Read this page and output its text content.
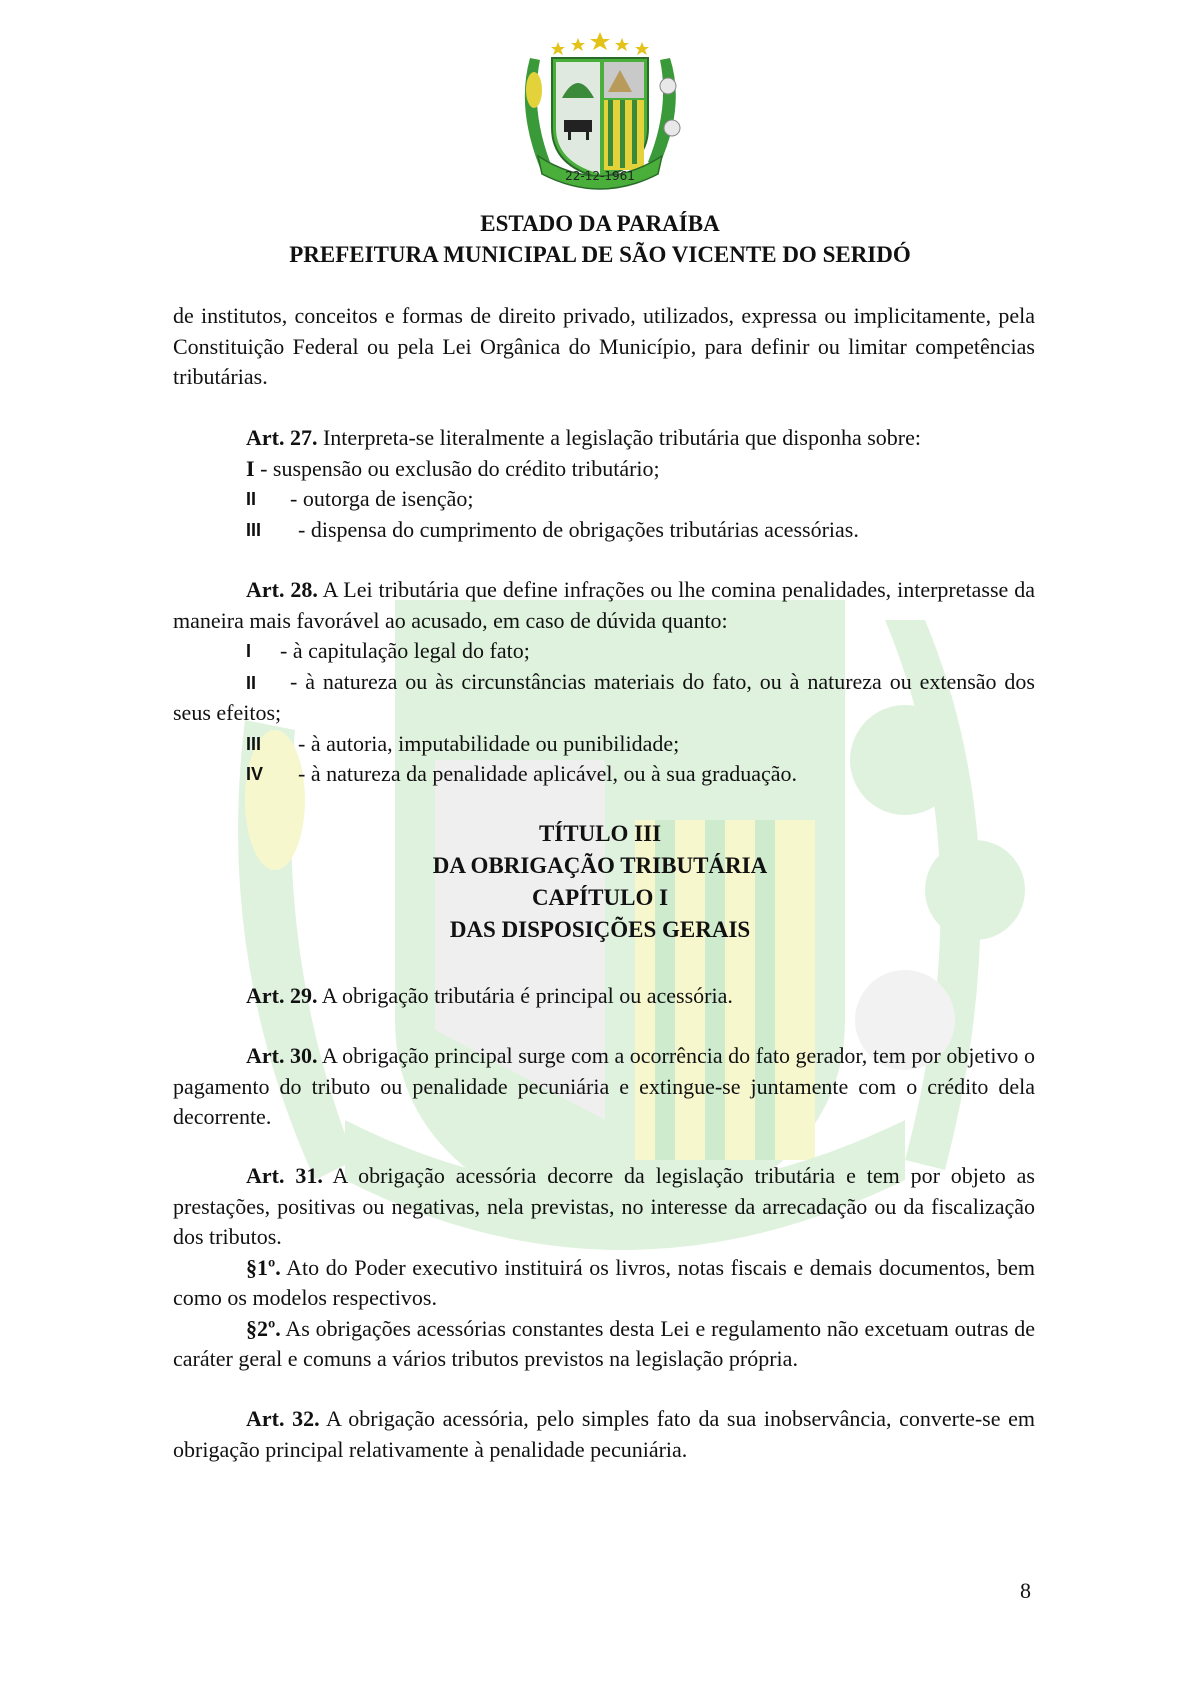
22-12-1961
ESTADO DA PARAÍBA
PREFEITURA MUNICIPAL DE SÃO VICENTE DO SERIDÓ

de institutos, conceitos e formas de direito privado, utilizados, expressa ou implicitamente, pela Constituição Federal ou pela Lei Orgânica do Município, para definir ou limitar competências tributárias.

Art. 27. Interpreta-se literalmente a legislação tributária que disponha sobre:

I - suspensão ou exclusão do crédito tributário;

II	- outorga de isenção;
III	- dispensa do cumprimento de obrigações tributárias acessórias.

Art. 28. A Lei tributária que define infrações ou lhe comina penalidades, interpretasse da maneira mais favorável ao acusado, em caso de dúvida quanto:

I	- à capitulação legal do fato;

II - à natureza ou às circunstâncias materiais do fato, ou à natureza ou extensão dos seus efeitos;

III	- à autoria, imputabilidade ou punibilidade;
IV	- à natureza da penalidade aplicável, ou à sua graduação.
TÍTULO III
DA OBRIGAÇÃO TRIBUTÁRIA
CAPÍTULO I
DAS DISPOSIÇÕES GERAIS

Art. 29. A obrigação tributária é principal ou acessória.

Art. 30. A obrigação principal surge com a ocorrência do fato gerador, tem por objetivo o pagamento do tributo ou penalidade pecuniária e extingue-se juntamente com o crédito dela decorrente.

Art. 31. A obrigação acessória decorre da legislação tributária e tem por objeto as prestações, positivas ou negativas, nela previstas, no interesse da arrecadação ou da fiscalização dos tributos.

§1º. Ato do Poder executivo instituirá os livros, notas fiscais e demais documentos, bem como os modelos respectivos.

§2º. As obrigações acessórias constantes desta Lei e regulamento não excetuam outras de caráter geral e comuns a vários tributos previstos na legislação própria.

Art. 32. A obrigação acessória, pelo simples fato da sua inobservância, converte-se em obrigação principal relativamente à penalidade pecuniária.

8
